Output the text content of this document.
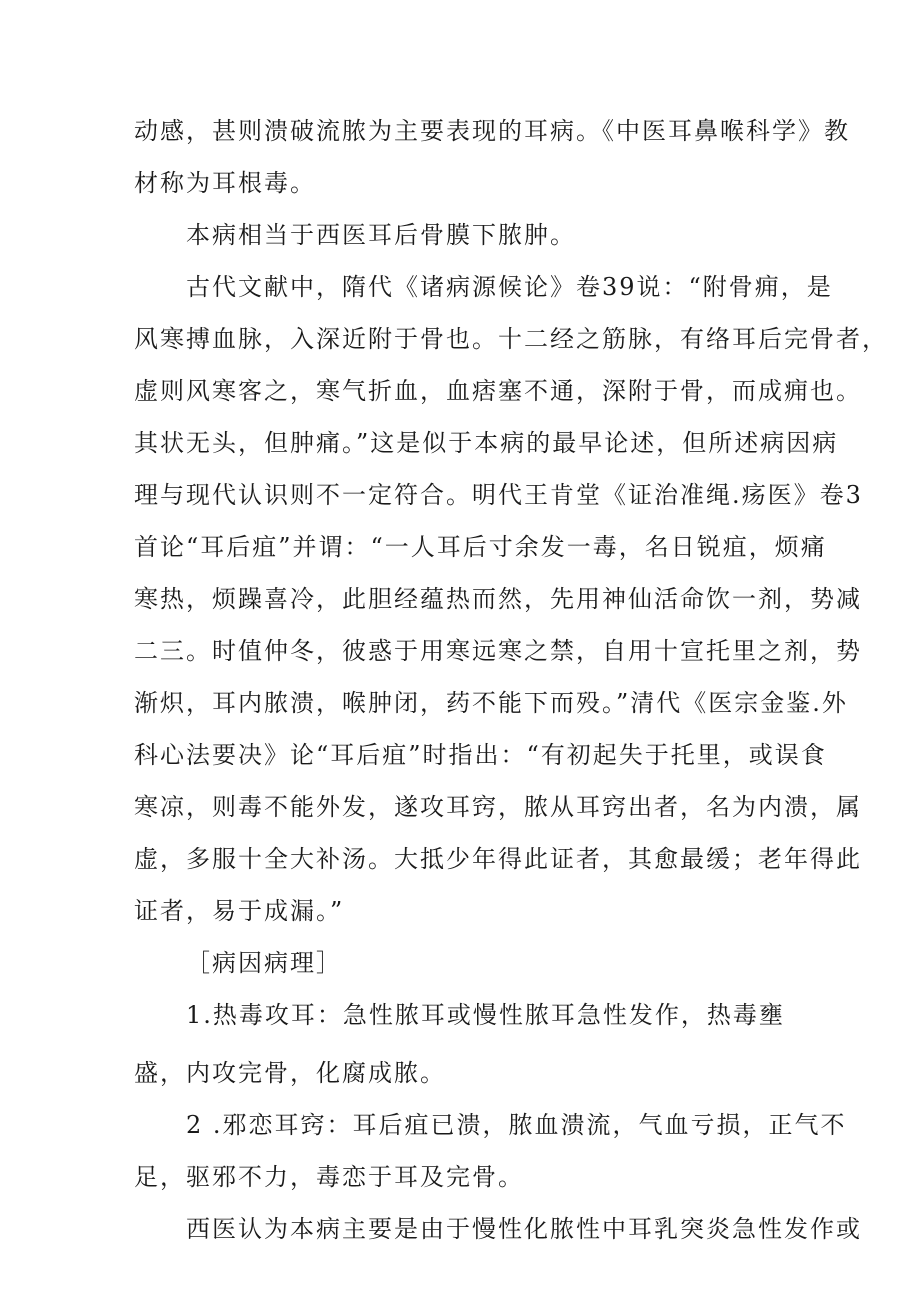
动感，甚则溃破流脓为主要表现的耳病。《中医耳鼻喉科学》教
材称为耳根毒。
本病相当于西医耳后骨膜下脓肿。
古代文献中，隋代《诸病源候论》卷39说：“附骨痈，是
风寒搏血脉，入深近附于骨也。十二经之筋脉，有络耳后完骨者，
虚则风寒客之，寒气折血，血痞塞不通，深附于骨，而成痈也。
其状无头，但肿痛。”这是似于本病的最早论述，但所述病因病
理与现代认识则不一定符合。明代王肯堂《证治准绳.疡医》卷3
首论“耳后疽”并谓：“一人耳后寸余发一毒，名日锐疽，烦痛
寒热，烦躁喜冷，此胆经蕴热而然，先用神仙活命饮一剂，势减
二三。时值仲冬，彼惑于用寒远寒之禁，自用十宣托里之剂，势
渐炽，耳内脓溃，喉肿闭，药不能下而殁。”清代《医宗金鉴.外
科心法要决》论“耳后疽”时指出：“有初起失于托里，或误食
寒凉，则毒不能外发，遂攻耳窍，脓从耳窍出者，名为内溃，属
虚，多服十全大补汤。大抵少年得此证者，其愈最缓；老年得此
证者，易于成漏。”
［病因病理］
1.热毒攻耳：急性脓耳或慢性脓耳急性发作，热毒壅
盛，内攻完骨，化腐成脓。
2 .邪恋耳窍：耳后疽已溃，脓血溃流，气血亏损，正气不
足，驱邪不力，毒恋于耳及完骨。
西医认为本病主要是由于慢性化脓性中耳乳突炎急性发作或
